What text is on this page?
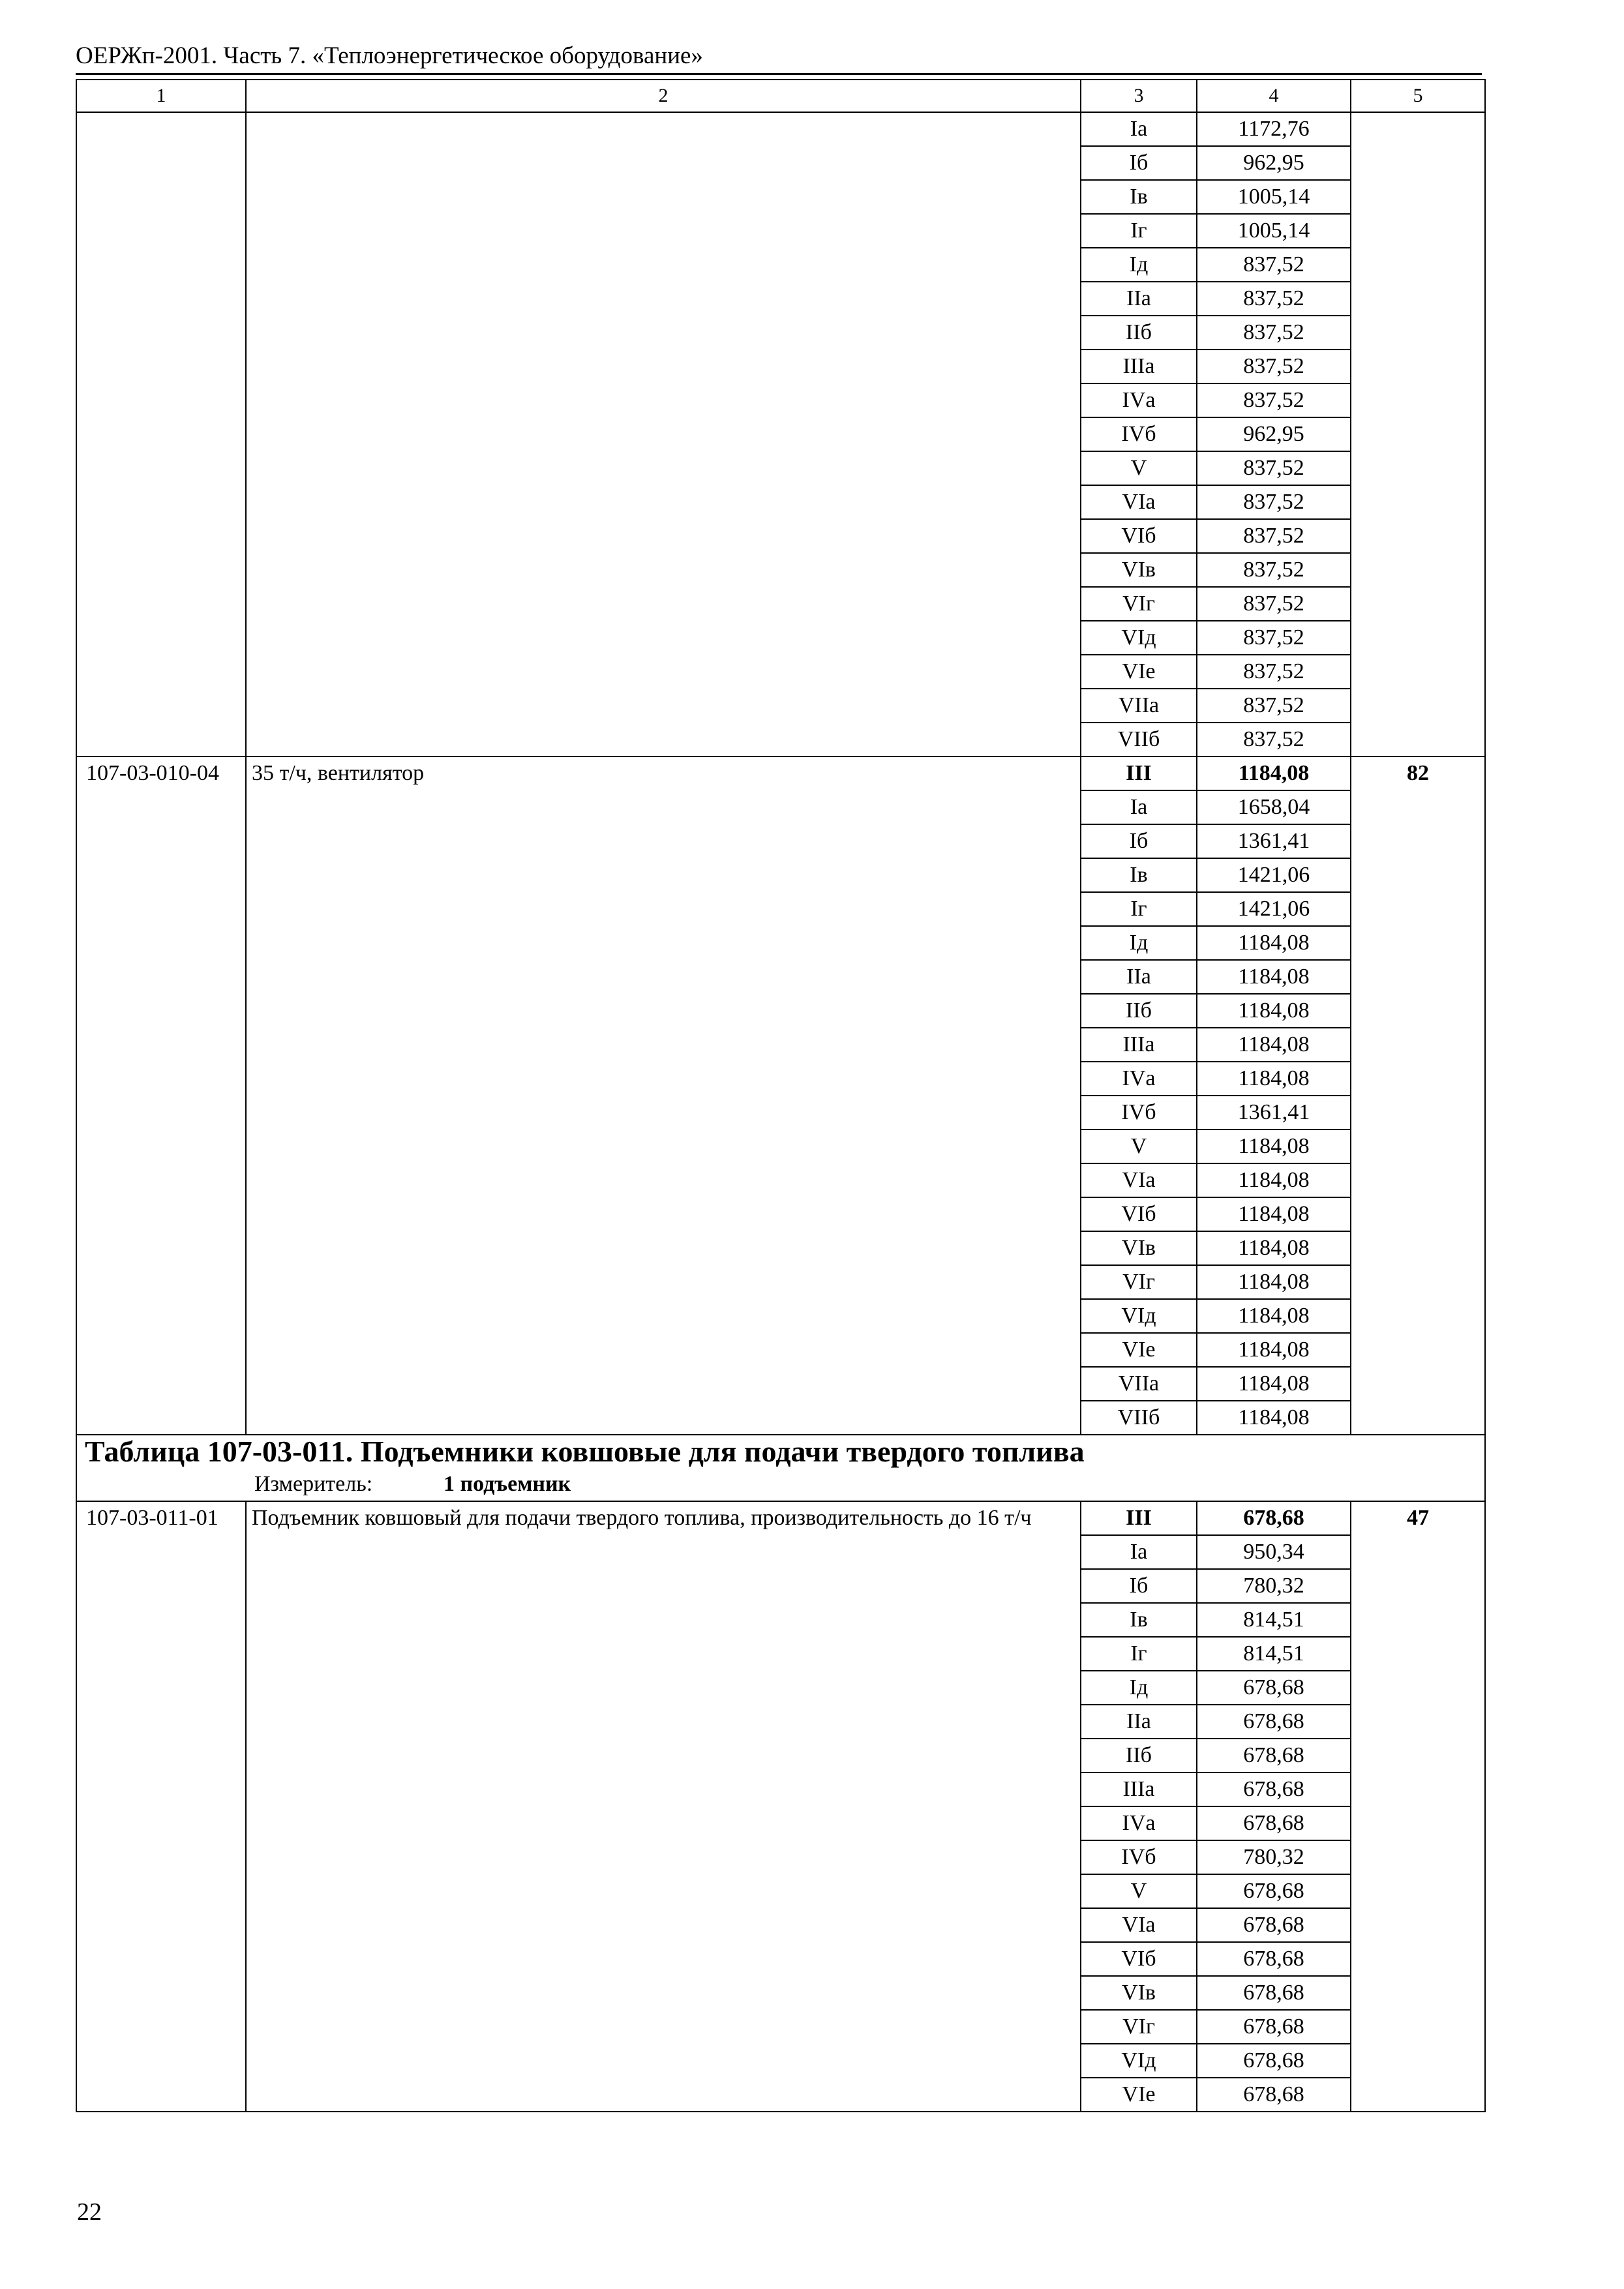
ОЕРЖп-2001. Часть 7. «Теплоэнергетическое оборудование»
1	2	3	4	5
		Iа	1172,76	
		Iб	962,95	
		Iв	1005,14	
		Iг	1005,14	
		Iд	837,52	
		IIа	837,52	
		IIб	837,52	
		IIIа	837,52	
		IVа	837,52	
		IVб	962,95	
		V	837,52	
		VIа	837,52	
		VIб	837,52	
		VIв	837,52	
		VIг	837,52	
		VIд	837,52	
		VIе	837,52	
		VIIа	837,52	
		VIIб	837,52	
107-03-010-04	35 т/ч, вентилятор	III	1184,08	82
		Iа	1658,04	
		Iб	1361,41	
		Iв	1421,06	
		Iг	1421,06	
		Iд	1184,08	
		IIа	1184,08	
		IIб	1184,08	
		IIIа	1184,08	
		IVа	1184,08	
		IVб	1361,41	
		V	1184,08	
		VIа	1184,08	
		VIб	1184,08	
		VIв	1184,08	
		VIг	1184,08	
		VIд	1184,08	
		VIе	1184,08	
		VIIа	1184,08	
		VIIб	1184,08	
Таблица 107-03-011. Подъемники ковшовые для подачи твердого топлива				
Измеритель: 1 подъемник				
107-03-011-01	Подъемник ковшовый для подачи твердого топлива, производительность до 16 т/ч	III	678,68	47
		Iа	950,34	
		Iб	780,32	
		Iв	814,51	
		Iг	814,51	
		Iд	678,68	
		IIа	678,68	
		IIб	678,68	
		IIIа	678,68	
		IVа	678,68	
		IVб	780,32	
		V	678,68	
		VIа	678,68	
		VIб	678,68	
		VIв	678,68	
		VIг	678,68	
		VIд	678,68	
		VIе	678,68	
22
